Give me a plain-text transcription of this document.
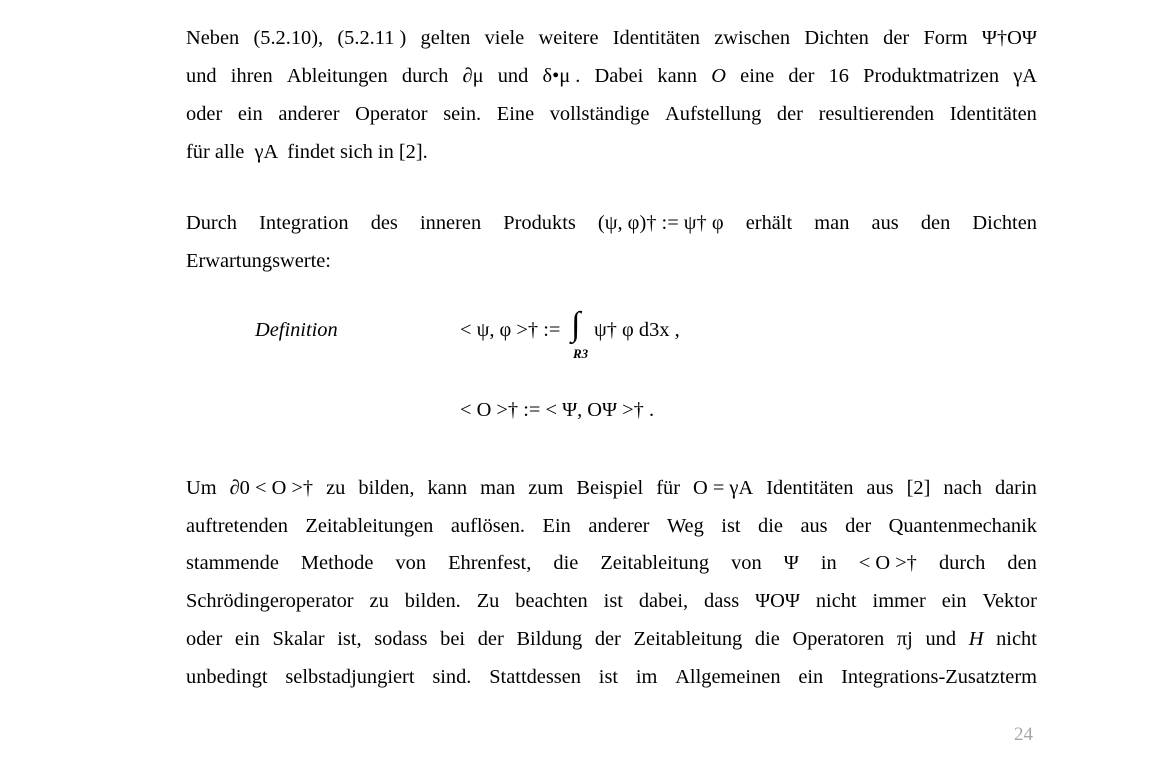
Neben (5.2.10), (5.2.11 ) gelten viele weitere Identitäten zwischen Dichten der Form Ψ†OΨ
und ihren Ableitungen durch ∂μ und δ•μ . Dabei kann O eine der 16 Produktmatrizen γA
oder ein anderer Operator sein. Eine vollständige Aufstellung der resultierenden Identitäten
für alle  γA  findet sich in [2].
Durch Integration des inneren Produkts (ψ, φ)† := ψ† φ erhält man aus den Dichten
Erwartungswerte:
Definition	< ψ, φ >† := ∫
R3
ψ† φ d3x ,
< O >† := < Ψ, OΨ >† .
Um ∂0 < O >† zu bilden, kann man zum Beispiel für O = γA Identitäten aus [2] nach darin
auftretenden Zeitableitungen auflösen. Ein anderer Weg ist die aus der Quantenmechanik
stammende Methode von Ehrenfest, die Zeitableitung von Ψ in < O >† durch den
Schrödingeroperator zu bilden. Zu beachten ist dabei, dass ΨOΨ nicht immer ein Vektor
oder ein Skalar ist, sodass bei der Bildung der Zeitableitung die Operatoren πj und H nicht
unbedingt selbstadjungiert sind. Stattdessen ist im Allgemeinen ein Integrations-Zusatzterm
24
